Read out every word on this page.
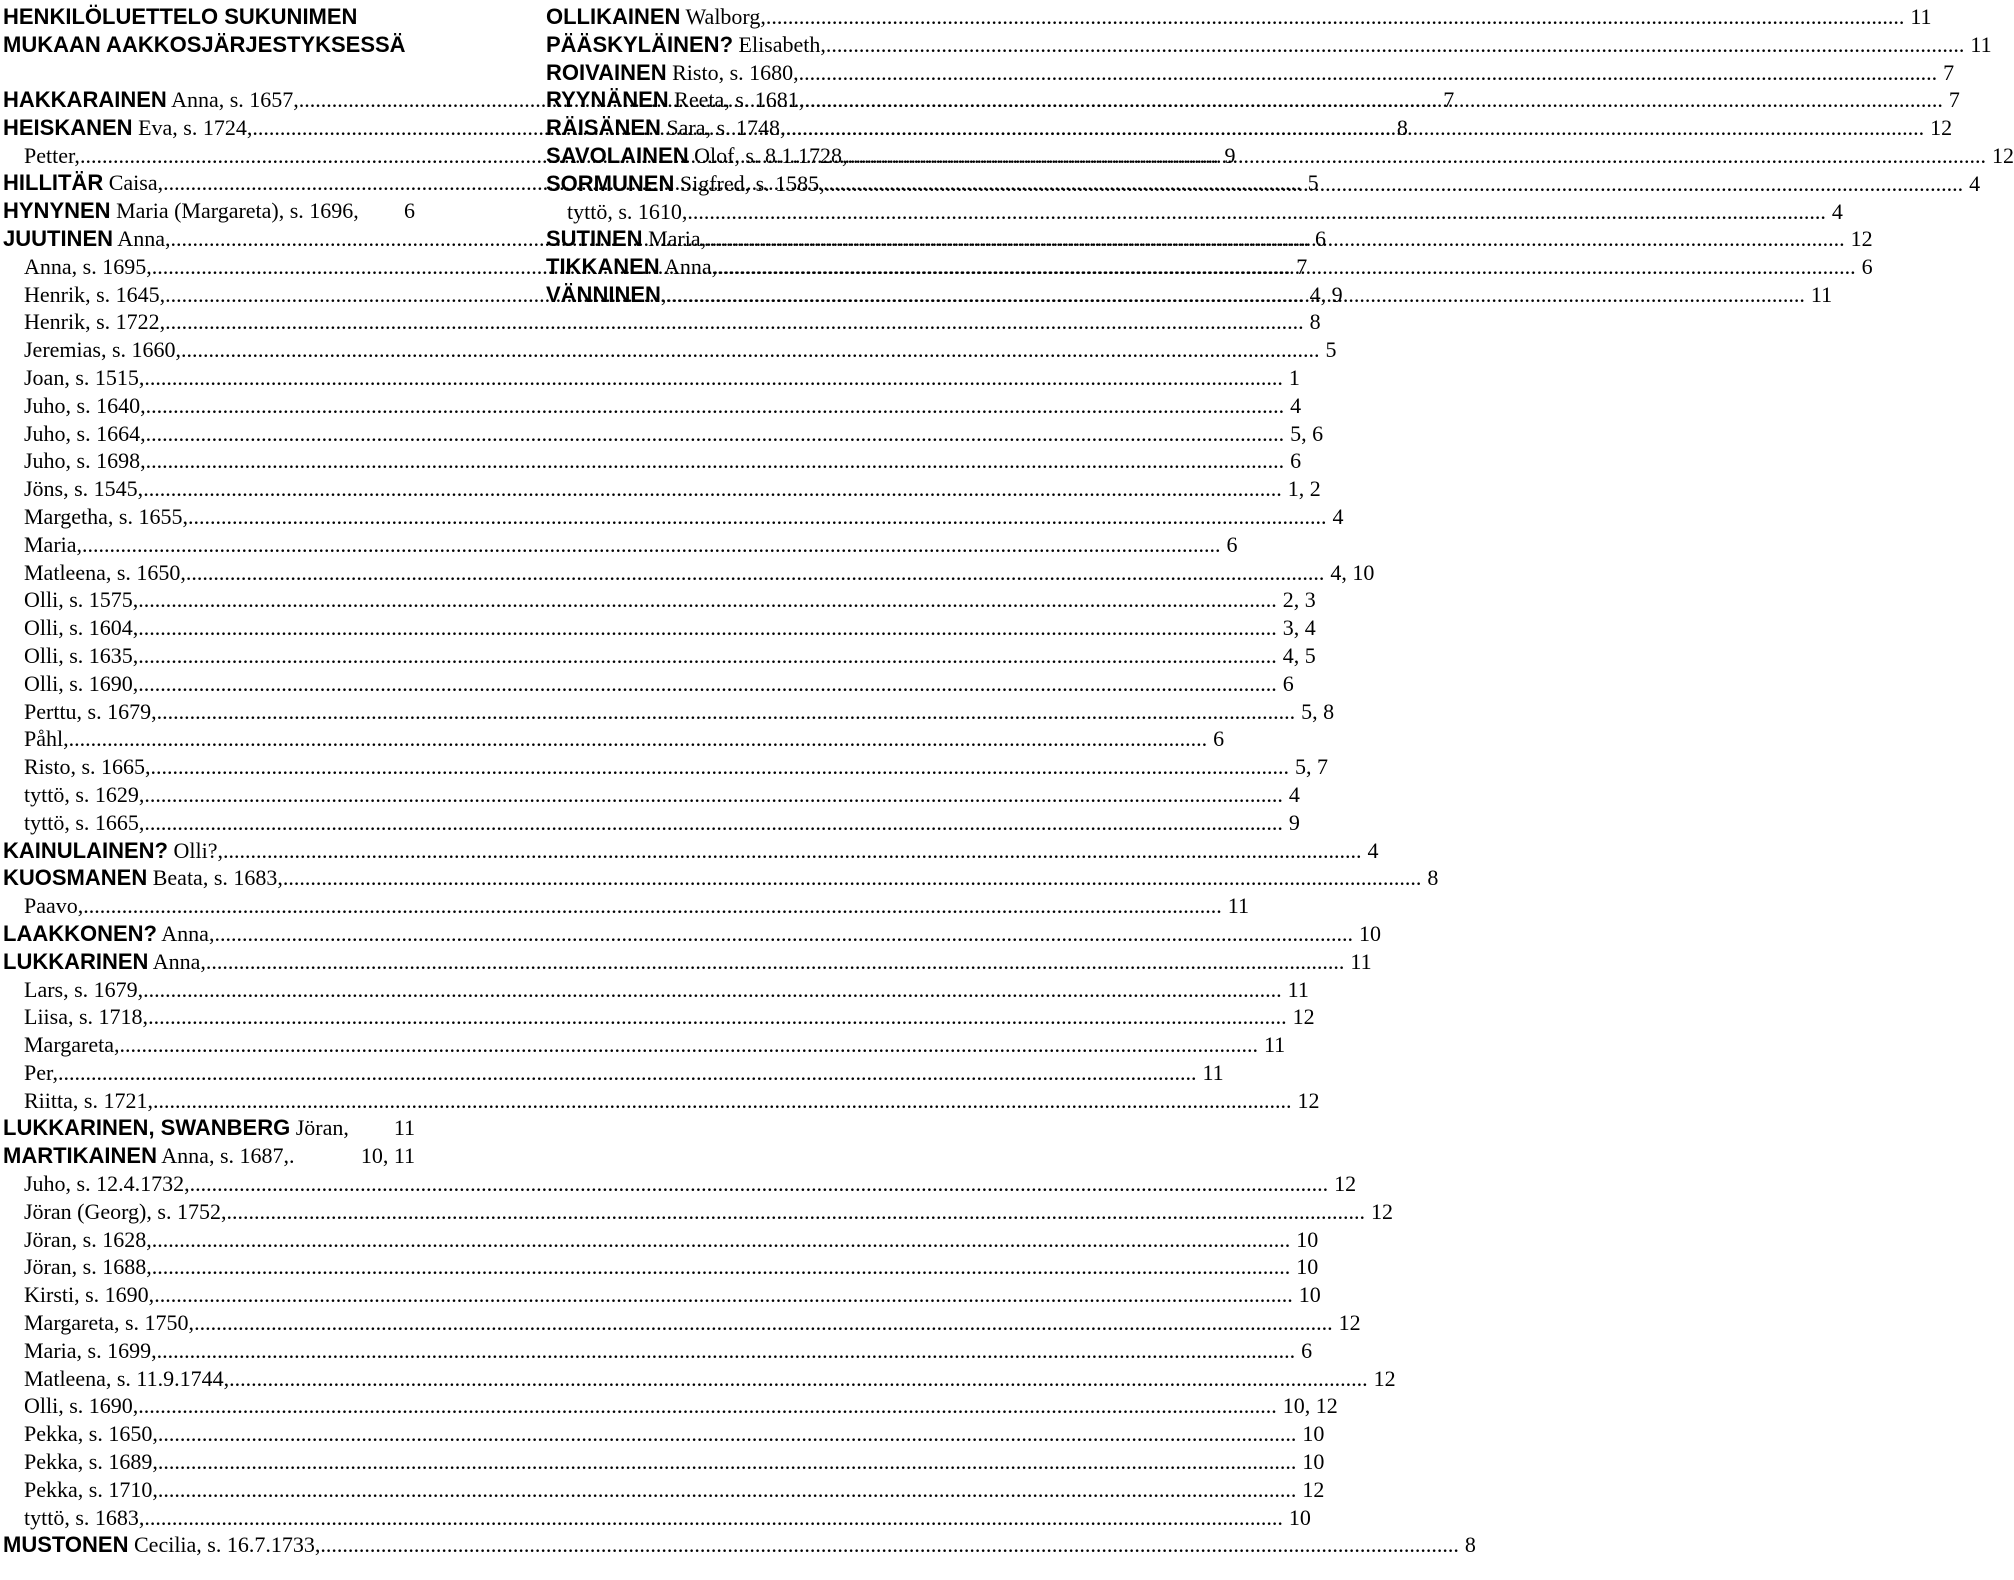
HENKILÖLUETTELO SUKUNIMEN
MUKAAN AAKKOSJÄRJESTYKSESSÄ
HAKKARAINEN Anna, s. 1657, .....	7
HEISKANEN Eva, s. 1724, .....	8
Petter, .....	9
HILLITÄR Caisa, .....	5
HYNYNEN Maria (Margareta), s. 1696, 6
JUUTINEN Anna, .....	6
Anna, s. 1695, .....	7
Henrik, s. 1645, .....	4, 9
Henrik, s. 1722, .....	8
Jeremias, s. 1660, .....	5
Joan, s. 1515, .....	1
Juho, s. 1640, .....	4
Juho, s. 1664, .....	5, 6
Juho, s. 1698, .....	6
Jöns, s. 1545, .....	1, 2
Margetha, s. 1655, .....	4
Maria, .....	6
Matleena, s. 1650, .....	4, 10
Olli, s. 1575, .....	2, 3
Olli, s. 1604, .....	3, 4
Olli, s. 1635, .....	4, 5
Olli, s. 1690, .....	6
Perttu, s. 1679, .....	5, 8
Påhl, .....	6
Risto, s. 1665, .....	5, 7
tyttö, s. 1629, .....	4
tyttö, s. 1665, .....	9
KAINULAINEN? Olli?, .....	4
KUOSMANEN Beata, s. 1683, .....	8
Paavo, .....	11
LAAKKONEN? Anna, .....	10
LUKKARINEN Anna, .....	11
Lars, s. 1679, .....	11
Liisa, s. 1718, .....	12
Margareta, .....	11
Per, .....	11
Riitta, s. 1721, .....	12
LUKKARINEN, SWANBERG Jöran, 11
MARTIKAINEN Anna, s. 1687,.	10, 11
Juho, s. 12.4.1732, .....	12
Jöran (Georg), s. 1752, .....	12
Jöran, s. 1628, .....	10
Jöran, s. 1688, .....	10
Kirsti, s. 1690, .....	10
Margareta, s. 1750, .....	12
Maria, s. 1699, .....	6
Matleena, s. 11.9.1744, .....	12
Olli, s. 1690, .....	10, 12
Pekka, s. 1650, .....	10
Pekka, s. 1689, .....	10
Pekka, s. 1710, .....	12
tyttö, s. 1683, .....	10
MUSTONEN Cecilia, s. 16.7.1733, .....	8
OLLIKAINEN Walborg, .....	11
PÄÄSKYLÄINEN? Elisabeth, .....	11
ROIVAINEN Risto, s. 1680, .....	7
RYYNÄNEN Reeta, s. 1681, .....	7
RÄISÄNEN Sara, s. 1748, .....	12
SAVOLAINEN Olof, s. 8.1.1728, .....	12
SORMUNEN Sigfred, s. 1585, .....	4
tyttö, s. 1610, .....	4
SUTINEN Maria, .....	12
TIKKANEN Anna, .....	6
VÄNNINEN, .....	11
